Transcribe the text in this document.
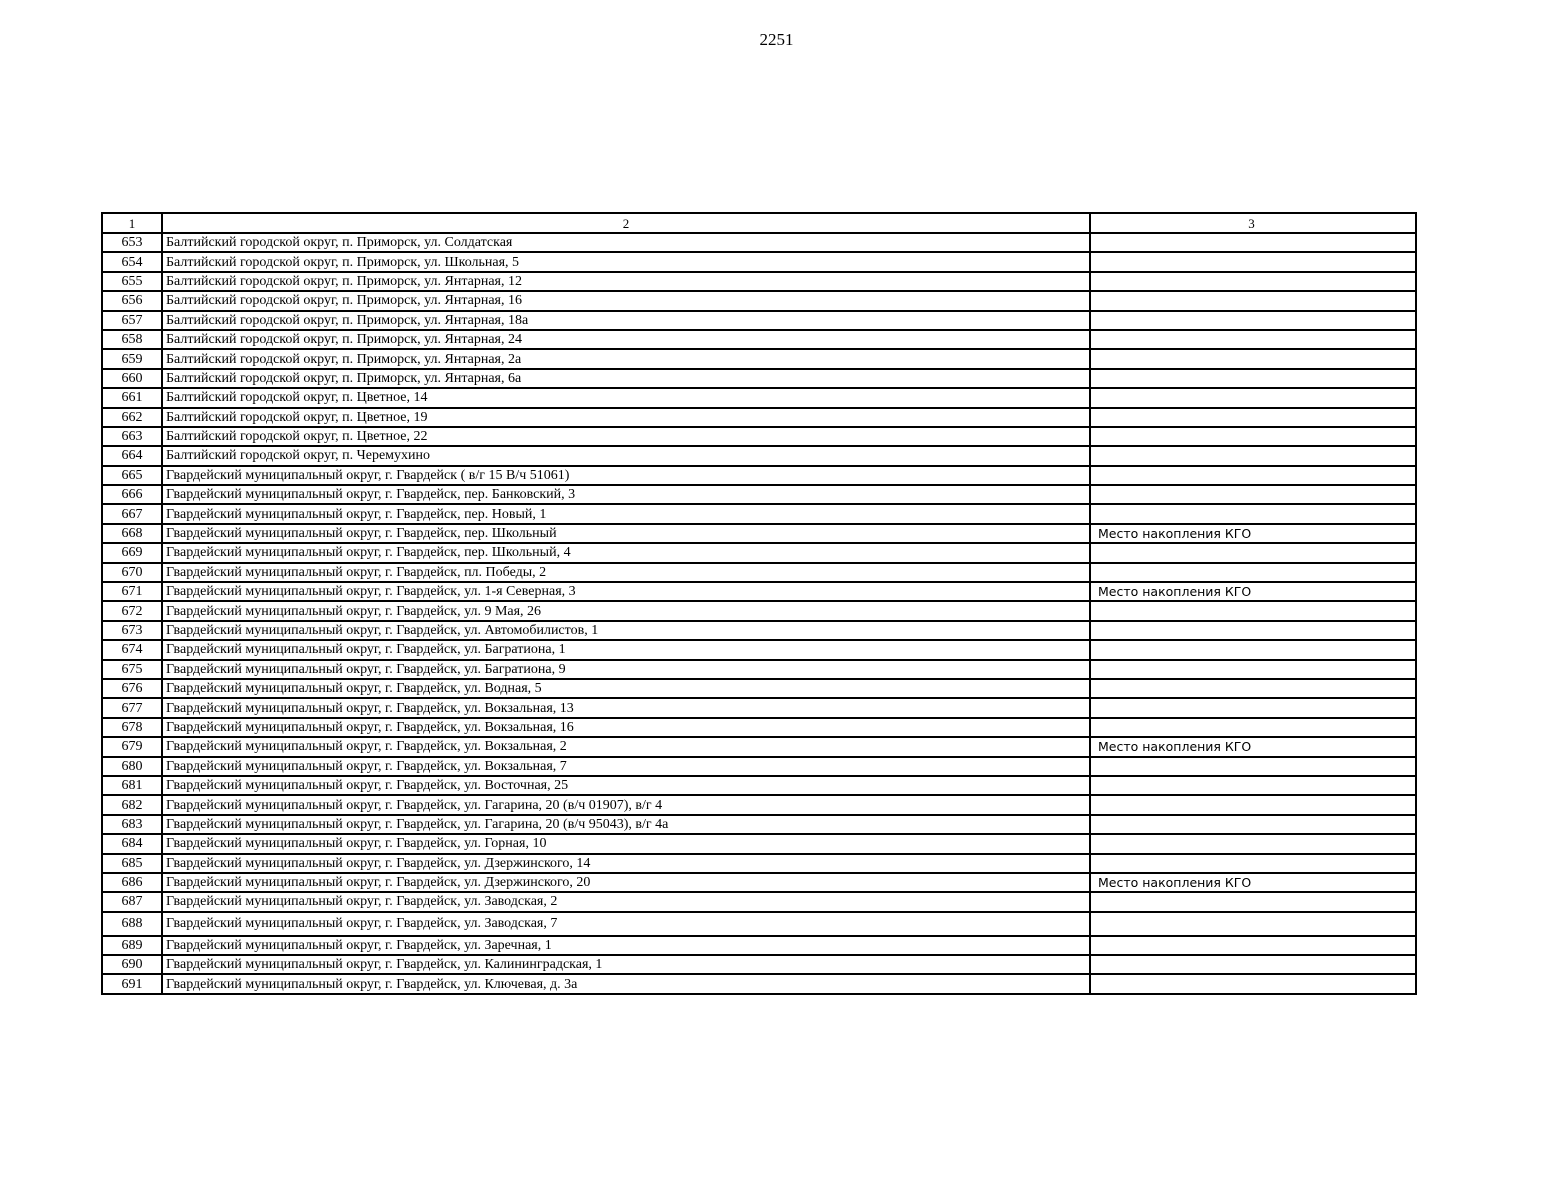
2251
1	2	3
653	Балтийский городской округ, п. Приморск, ул. Солдатская	
654	Балтийский городской округ, п. Приморск, ул. Школьная, 5	
655	Балтийский городской округ, п. Приморск, ул. Янтарная, 12	
656	Балтийский городской округ, п. Приморск, ул. Янтарная, 16	
657	Балтийский городской округ, п. Приморск, ул. Янтарная, 18а	
658	Балтийский городской округ, п. Приморск, ул. Янтарная, 24	
659	Балтийский городской округ, п. Приморск, ул. Янтарная, 2а	
660	Балтийский городской округ, п. Приморск, ул. Янтарная, 6а	
661	Балтийский городской округ, п. Цветное, 14	
662	Балтийский городской округ, п. Цветное, 19	
663	Балтийский городской округ, п. Цветное, 22	
664	Балтийский городской округ, п. Черемухино	
665	Гвардейский муниципальный округ, г. Гвардейск ( в/г 15 В/ч 51061)	
666	Гвардейский муниципальный округ, г. Гвардейск, пер. Банковский, 3	
667	Гвардейский муниципальный округ, г. Гвардейск, пер. Новый, 1	
668	Гвардейский муниципальный округ, г. Гвардейск, пер. Школьный	Место накопления КГО
669	Гвардейский муниципальный округ, г. Гвардейск, пер. Школьный, 4	
670	Гвардейский муниципальный округ, г. Гвардейск, пл. Победы, 2	
671	Гвардейский муниципальный округ, г. Гвардейск, ул. 1-я Северная, 3	Место накопления КГО
672	Гвардейский муниципальный округ, г. Гвардейск, ул. 9 Мая, 26	
673	Гвардейский муниципальный округ, г. Гвардейск, ул. Автомобилистов, 1	
674	Гвардейский муниципальный округ, г. Гвардейск, ул. Багратиона, 1	
675	Гвардейский муниципальный округ, г. Гвардейск, ул. Багратиона, 9	
676	Гвардейский муниципальный округ, г. Гвардейск, ул. Водная, 5	
677	Гвардейский муниципальный округ, г. Гвардейск, ул. Вокзальная, 13	
678	Гвардейский муниципальный округ, г. Гвардейск, ул. Вокзальная, 16	
679	Гвардейский муниципальный округ, г. Гвардейск, ул. Вокзальная, 2	Место накопления КГО
680	Гвардейский муниципальный округ, г. Гвардейск, ул. Вокзальная, 7	
681	Гвардейский муниципальный округ, г. Гвардейск, ул. Восточная, 25	
682	Гвардейский муниципальный округ, г. Гвардейск, ул. Гагарина, 20 (в/ч 01907), в/г 4	
683	Гвардейский муниципальный округ, г. Гвардейск, ул. Гагарина, 20 (в/ч 95043), в/г 4а	
684	Гвардейский муниципальный округ, г. Гвардейск, ул. Горная, 10	
685	Гвардейский муниципальный округ, г. Гвардейск, ул. Дзержинского, 14	
686	Гвардейский муниципальный округ, г. Гвардейск, ул. Дзержинского, 20	Место накопления КГО
687	Гвардейский муниципальный округ, г. Гвардейск, ул. Заводская, 2	
688	Гвардейский муниципальный округ, г. Гвардейск, ул. Заводская, 7	
689	Гвардейский муниципальный округ, г. Гвардейск, ул. Заречная, 1	
690	Гвардейский муниципальный округ, г. Гвардейск, ул. Калининградская, 1	
691	Гвардейский муниципальный округ, г. Гвардейск, ул. Ключевая, д. 3а	
